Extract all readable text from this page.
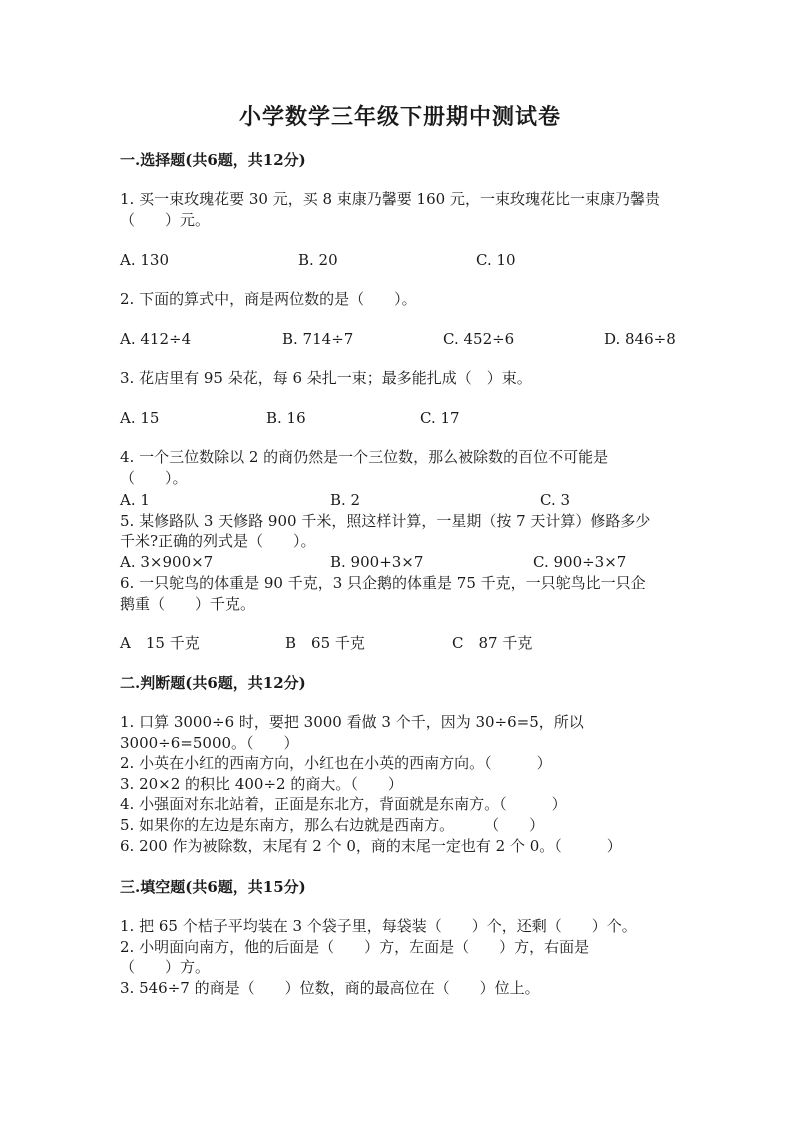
小学数学三年级下册期中测试卷
一.选择题(共6题，共12分)
1. 买一束玫瑰花要 30 元，买 8 束康乃馨要 160 元，一束玫瑰花比一束康乃馨贵
（　　）元。
A. 130	B. 20	C. 10
2. 下面的算式中，商是两位数的是（　　）。
A. 412÷4	B. 714÷7	C. 452÷6	D. 846÷8
3. 花店里有 95 朵花，每 6 朵扎一束；最多能扎成（　）束。
A. 15	B. 16	C. 17
4. 一个三位数除以 2 的商仍然是一个三位数，那么被除数的百位不可能是
（　　）。
A. 1	B. 2	C. 3
5. 某修路队 3 天修路 900 千米，照这样计算，一星期（按 7 天计算）修路多少
千米?正确的列式是（　　）。
A. 3×900×7	B. 900+3×7	C. 900÷3×7
6. 一只鸵鸟的体重是 90 千克，3 只企鹅的体重是 75 千克，一只鸵鸟比一只企
鹅重（　　）千克。
A　15 千克	B　65 千克	C　87 千克
二.判断题(共6题，共12分)
1. 口算 3000÷6 时，要把 3000 看做 3 个千，因为 30÷6=5，所以
3000÷6=5000。（　　）
2. 小英在小红的西南方向，小红也在小英的西南方向。（　　　）
3. 20×2 的积比 400÷2 的商大。（　　）
4. 小强面对东北站着，正面是东北方，背面就是东南方。（　　　）
5. 如果你的左边是东南方，那么右边就是西南方。　　　（　　）
6. 200 作为被除数，末尾有 2 个 0，商的末尾一定也有 2 个 0。（　　　）
三.填空题(共6题，共15分)
1. 把 65 个桔子平均装在 3 个袋子里，每袋装（　　）个，还剩（　　）个。
2. 小明面向南方，他的后面是（　　）方，左面是（　　）方，右面是
（　　）方。
3. 546÷7 的商是（　　）位数，商的最高位在（　　）位上。
